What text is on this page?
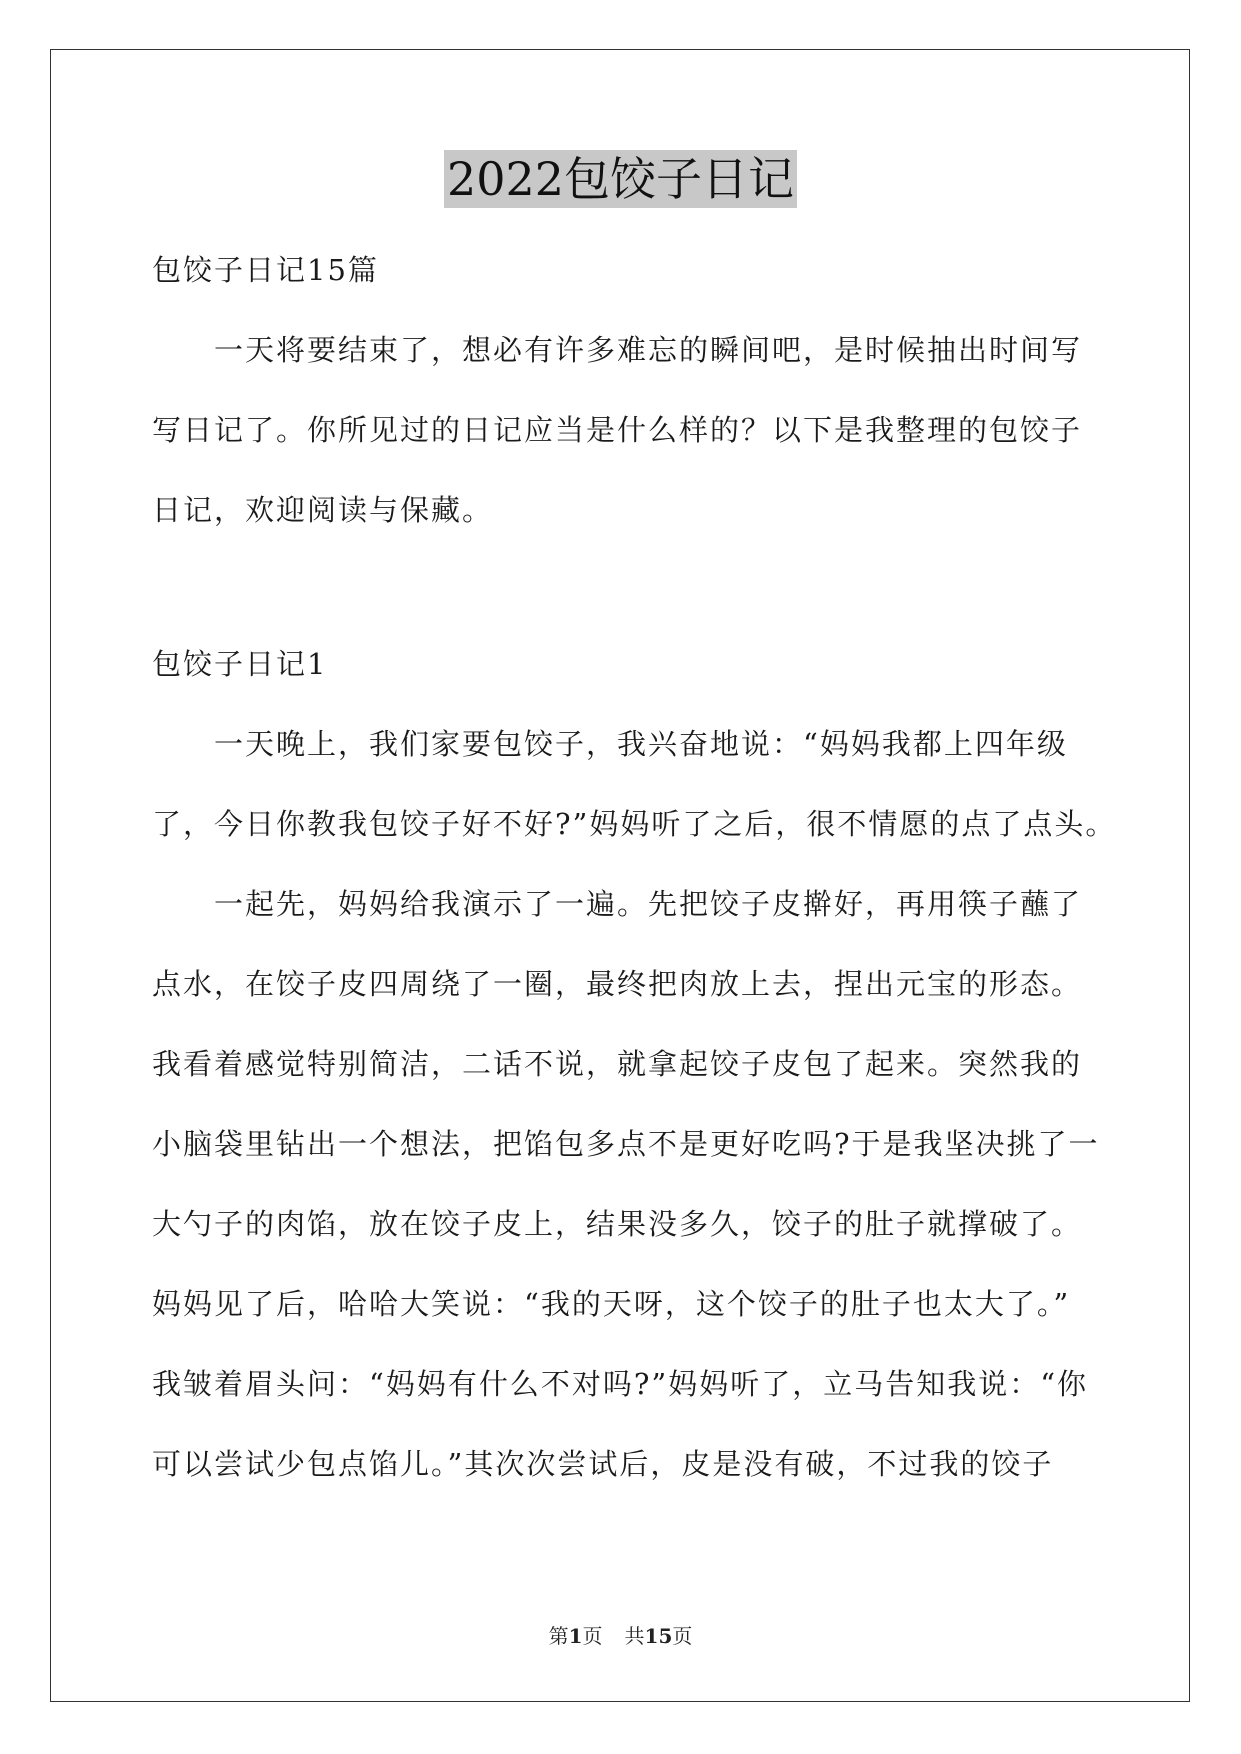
2022包饺子日记
包饺子日记15篇
　　一天将要结束了，想必有许多难忘的瞬间吧，是时候抽出时间写
写日记了。你所见过的日记应当是什么样的？以下是我整理的包饺子
日记，欢迎阅读与保藏。
包饺子日记1
　　一天晚上，我们家要包饺子，我兴奋地说：“妈妈我都上四年级
了，今日你教我包饺子好不好?”妈妈听了之后，很不情愿的点了点头。
　　一起先，妈妈给我演示了一遍。先把饺子皮擀好，再用筷子蘸了
点水，在饺子皮四周绕了一圈，最终把肉放上去，捏出元宝的形态。
我看着感觉特别简洁，二话不说，就拿起饺子皮包了起来。突然我的
小脑袋里钻出一个想法，把馅包多点不是更好吃吗?于是我坚决挑了一
大勺子的肉馅，放在饺子皮上，结果没多久，饺子的肚子就撑破了。
妈妈见了后，哈哈大笑说：“我的天呀，这个饺子的肚子也太大了。”
我皱着眉头问：“妈妈有什么不对吗?”妈妈听了，立马告知我说：“你
可以尝试少包点馅儿。”其次次尝试后，皮是没有破，不过我的饺子
第1页 共15页
